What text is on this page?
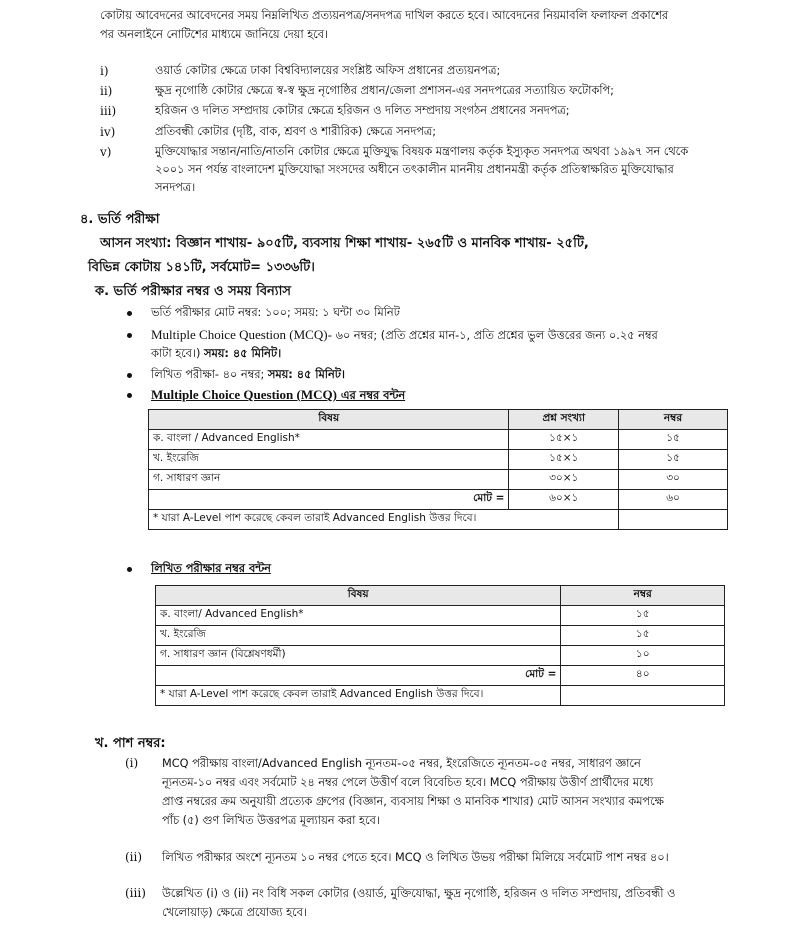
কোটায় আবেদনের আবেদনের সময় নিম্নলিখিত প্রত্যয়নপত্র/সনদপত্র দাখিল করতে হবে। আবেদনের নিয়মাবলি ফলাফল প্রকাশের
পর অনলাইনে নোটিশের মাধ্যমে জানিয়ে দেয়া হবে।
i)	ওয়ার্ড কোটার ক্ষেত্রে ঢাকা বিশ্ববিদ্যালয়ের সংশ্লিষ্ট অফিস প্রধানের প্রত্যয়নপত্র;
ii)	ক্ষুদ্র নৃগোষ্ঠি কোটার ক্ষেত্রে স্ব-স্ব ক্ষুদ্র নৃগোষ্ঠির প্রধান/জেলা প্রশাসন-এর সনদপত্রের সত্যায়িত ফটোকপি;
iii)	হরিজন ও দলিত সম্প্রদায় কোটার ক্ষেত্রে হরিজন ও দলিত সম্প্রদায় সংগঠন প্রধানের সনদপত্র;
iv)	প্রতিবন্ধী কোটার (দৃষ্টি, বাক, শ্রবণ ও শারীরিক) ক্ষেত্রে সনদপত্র;
v)	মুক্তিযোদ্ধার সন্তান/নাতি/নাতনি কোটার ক্ষেত্রে মুক্তিযুদ্ধ বিষয়ক মন্ত্রণালয় কর্তৃক ইস্যুকৃত সনদপত্র অথবা ১৯৯৭ সন থেকে
২০০১ সন পর্যন্ত বাংলাদেশ মুক্তিযোদ্ধা সংসদের অধীনে তৎকালীন মাননীয় প্রধানমন্ত্রী কর্তৃক প্রতিস্বাক্ষরিত মুক্তিযোদ্ধার
সনদপত্র।
৪. ভর্তি পরীক্ষা
আসন সংখ্যা: বিজ্ঞান শাখায়- ৯০৫টি, ব্যবসায় শিক্ষা শাখায়- ২৬৫টি ও মানবিক শাখায়- ২৫টি,
বিভিন্ন কোটায় ১৪১টি, সর্বমোট= ১৩৩৬টি।
ক. ভর্তি পরীক্ষার নম্বর ও সময় বিন্যাস
ভর্তি পরীক্ষার মোট নম্বর: ১০০; সময়: ১ ঘন্টা ৩০ মিনিট
Multiple Choice Question (MCQ)- ৬০ নম্বর; (প্রতি প্রশ্নের মান-১, প্রতি প্রশ্নের ভুল উত্তরের জন্য ০.২৫ নম্বর
কাটা হবে।) সময়: ৪৫ মিনিট।
লিখিত পরীক্ষা- ৪০ নম্বর; সময়: ৪৫ মিনিট।
Multiple Choice Question (MCQ) এর নম্বর বন্টন
বিষয়	প্রশ্ন সংখ্যা	নম্বর
ক. বাংলা / Advanced English*	১৫×১	১৫
খ. ইংরেজি	১৫×১	১৫
গ. সাধারণ জ্ঞান	৩০×১	৩০
মোট =	৬০×১	৬০
* যারা A-Level পাশ করেছে কেবল তারাই Advanced English উত্তর দিবে।		
লিখিত পরীক্ষার নম্বর বন্টন
বিষয়	নম্বর
ক. বাংলা/ Advanced English*	১৫
খ. ইংরেজি	১৫
গ. সাধারণ জ্ঞান (বিশ্লেষণধর্মী)	১০
মোট =	৪০
* যারা A-Level পাশ করেছে কেবল তারাই Advanced English উত্তর দিবে।	
খ. পাশ নম্বর:
(i)	MCQ পরীক্ষায় বাংলা/Advanced English ন্যূনতম-০৫ নম্বর, ইংরেজিতে ন্যূনতম-০৫ নম্বর, সাধারণ জ্ঞানে
ন্যূনতম-১০ নম্বর এবং সর্বমোট ২৪ নম্বর পেলে উত্তীর্ণ বলে বিবেচিত হবে। MCQ পরীক্ষায় উত্তীর্ণ প্রার্থীদের মধ্যে
প্রাপ্ত নম্বরের ক্রম অনুযায়ী প্রত্যেক গ্রুপের (বিজ্ঞান, ব্যবসায় শিক্ষা ও মানবিক শাখার) মোট আসন সংখ্যার কমপক্ষে
পাঁচ (৫) গুণ লিখিত উত্তরপত্র মূল্যায়ন করা হবে।
(ii)	লিখিত পরীক্ষার অংশে ন্যূনতম ১০ নম্বর পেতে হবে। MCQ ও লিখিত উভয় পরীক্ষা মিলিয়ে সর্বমোট পাশ নম্বর ৪০।
(iii)	উল্লেখিত (i) ও (ii) নং বিধি সকল কোটার (ওয়ার্ড, মুক্তিযোদ্ধা, ক্ষুদ্র নৃগোষ্ঠি, হরিজন ও দলিত সম্প্রদায়, প্রতিবন্ধী ও
খেলোয়াড়) ক্ষেত্রে প্রযোজ্য হবে।
